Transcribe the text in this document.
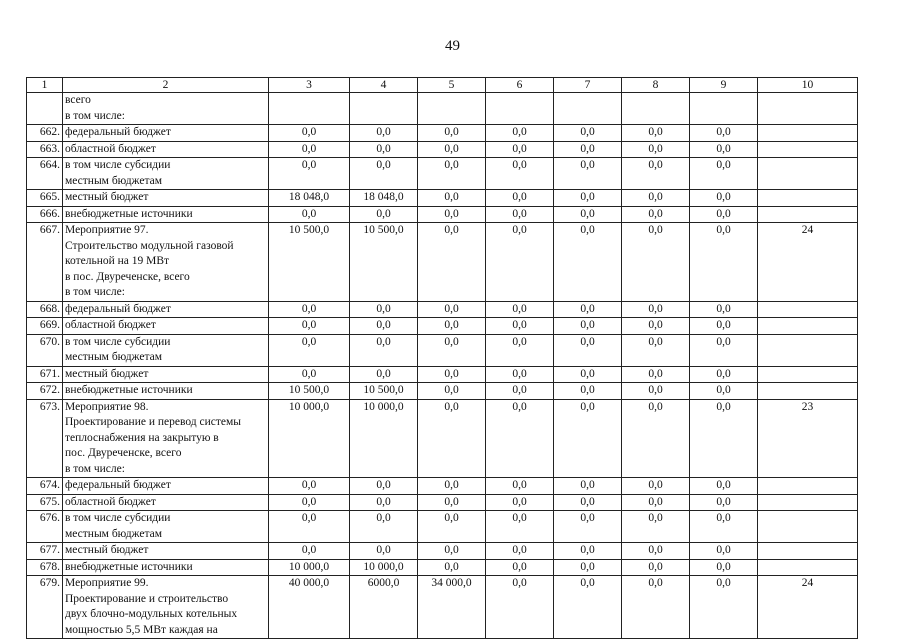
49
1	2	3	4	5	6	7	8	9	10
	всего
в том числе:								
662.	федеральный бюджет	0,0	0,0	0,0	0,0	0,0	0,0	0,0	
663.	областной бюджет	0,0	0,0	0,0	0,0	0,0	0,0	0,0	
664.	в том числе субсидии
местным бюджетам	0,0	0,0	0,0	0,0	0,0	0,0	0,0	
665.	местный бюджет	18 048,0	18 048,0	0,0	0,0	0,0	0,0	0,0	
666.	внебюджетные источники	0,0	0,0	0,0	0,0	0,0	0,0	0,0	
667.	Мероприятие 97.
Строительство модульной газовой
котельной на 19 МВт
в пос. Двуреченске, всего
в том числе:	10 500,0	10 500,0	0,0	0,0	0,0	0,0	0,0	24
668.	федеральный бюджет	0,0	0,0	0,0	0,0	0,0	0,0	0,0	
669.	областной бюджет	0,0	0,0	0,0	0,0	0,0	0,0	0,0	
670.	в том числе субсидии
местным бюджетам	0,0	0,0	0,0	0,0	0,0	0,0	0,0	
671.	местный бюджет	0,0	0,0	0,0	0,0	0,0	0,0	0,0	
672.	внебюджетные источники	10 500,0	10 500,0	0,0	0,0	0,0	0,0	0,0	
673.	Мероприятие 98.
Проектирование и перевод системы
теплоснабжения на закрытую в
пос. Двуреченске, всего
в том числе:	10 000,0	10 000,0	0,0	0,0	0,0	0,0	0,0	23
674.	федеральный бюджет	0,0	0,0	0,0	0,0	0,0	0,0	0,0	
675.	областной бюджет	0,0	0,0	0,0	0,0	0,0	0,0	0,0	
676.	в том числе субсидии
местным бюджетам	0,0	0,0	0,0	0,0	0,0	0,0	0,0	
677.	местный бюджет	0,0	0,0	0,0	0,0	0,0	0,0	0,0	
678.	внебюджетные источники	10 000,0	10 000,0	0,0	0,0	0,0	0,0	0,0	
679.	Мероприятие 99.
Проектирование и строительство
двух блочно-модульных котельных
мощностью 5,5 МВт каждая на	40 000,0	6000,0	34 000,0	0,0	0,0	0,0	0,0	24
